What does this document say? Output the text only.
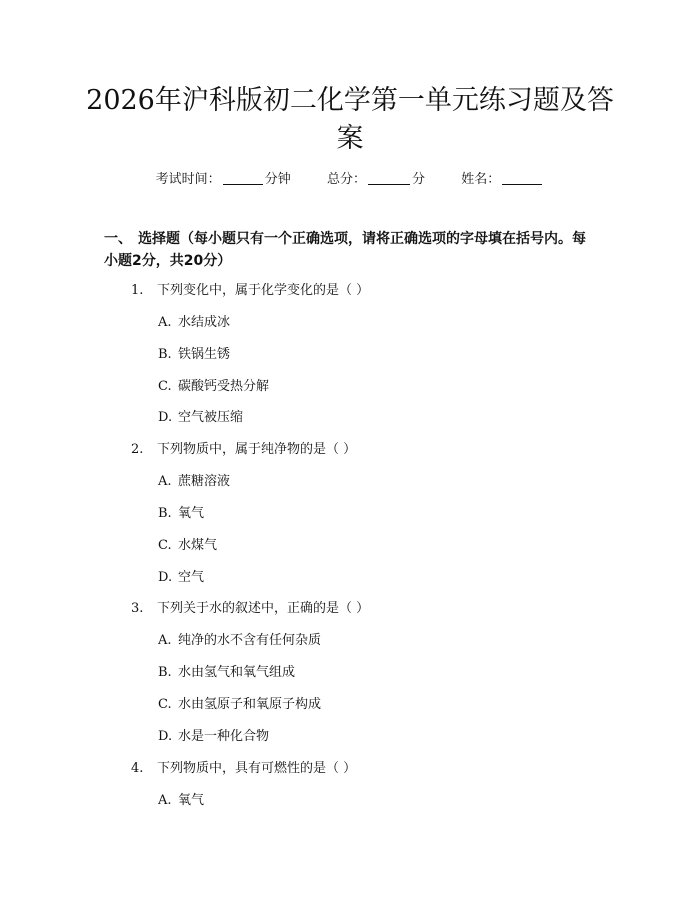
2026年沪科版初二化学第一单元练习题及答
案
考试时间：	分钟	总分：	分	姓名：
一、 选择题（每小题只有一个正确选项，请将正确选项的字母填在括号内。每小题2分，共20分）
1. 下列变化中，属于化学变化的是（ ）
A. 水结成冰
B. 铁锅生锈
C. 碳酸钙受热分解
D. 空气被压缩
2. 下列物质中，属于纯净物的是（ ）
A. 蔗糖溶液
B. 氧气
C. 水煤气
D. 空气
3. 下列关于水的叙述中，正确的是（ ）
A. 纯净的水不含有任何杂质
B. 水由氢气和氧气组成
C. 水由氢原子和氧原子构成
D. 水是一种化合物
4. 下列物质中，具有可燃性的是（ ）
A. 氧气
